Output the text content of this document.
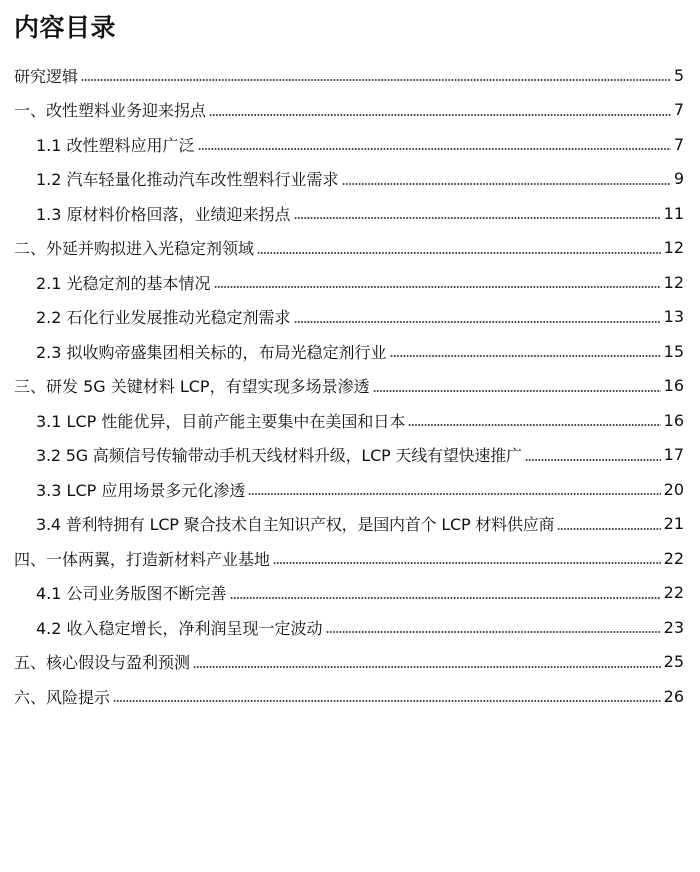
内容目录
研究逻辑	5
一、改性塑料业务迎来拐点	7
1.1 改性塑料应用广泛	7
1.2 汽车轻量化推动汽车改性塑料行业需求	9
1.3 原材料价格回落，业绩迎来拐点	11
二、外延并购拟进入光稳定剂领域	12
2.1 光稳定剂的基本情况	12
2.2 石化行业发展推动光稳定剂需求	13
2.3 拟收购帝盛集团相关标的，布局光稳定剂行业	15
三、研发 5G 关键材料 LCP，有望实现多场景渗透	16
3.1 LCP 性能优异，目前产能主要集中在美国和日本	16
3.2 5G 高频信号传输带动手机天线材料升级，LCP 天线有望快速推广	17
3.3 LCP 应用场景多元化渗透	20
3.4 普利特拥有 LCP 聚合技术自主知识产权，是国内首个 LCP 材料供应商	21
四、一体两翼，打造新材料产业基地	22
4.1 公司业务版图不断完善	22
4.2 收入稳定增长，净利润呈现一定波动	23
五、核心假设与盈利预测	25
六、风险提示	26
